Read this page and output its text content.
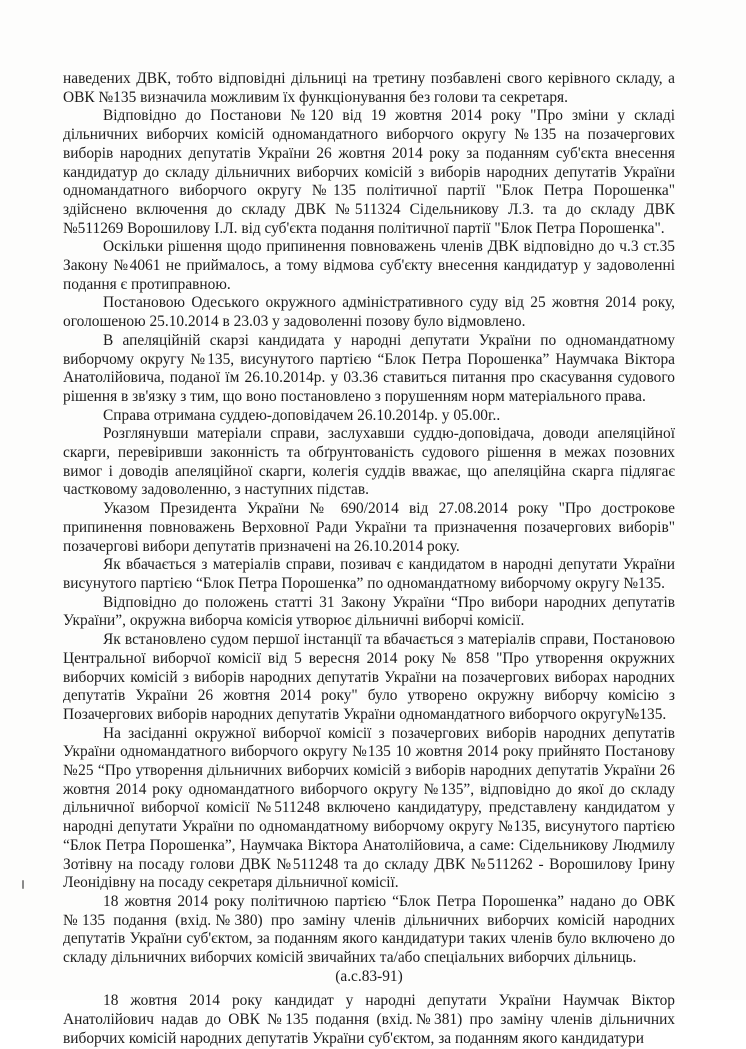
наведених ДВК, тобто відповідні дільниці на третину позбавлені свого керівного складу, а ОВК №135 визначила можливим їх функціонування без голови та секретаря.

Відповідно до Постанови №120 від 19 жовтня 2014 року "Про зміни у складі дільничних виборчих комісій одномандатного виборчого округу №135 на позачергових виборів народних депутатів України 26 жовтня 2014 року за поданням суб'єкта внесення кандидатур до складу дільничних виборчих комісій з виборів народних депутатів України одномандатного виборчого округу №135 політичної партії "Блок Петра Порошенка" здійснено включення до складу ДВК №511324 Сідельникову Л.З. та до складу ДВК №511269 Ворошилову І.Л. від суб'єкта подання політичної партії "Блок Петра Порошенка".

Оскільки рішення щодо припинення повноважень членів ДВК відповідно до ч.3 ст.35 Закону №4061 не приймалось, а тому відмова суб'єкту внесення кандидатур у задоволенні подання є протиправною.

Постановою Одеського окружного адміністративного суду від 25 жовтня 2014 року, оголошеною 25.10.2014 в 23.03 у задоволенні позову було відмовлено.

В апеляційній скарзі кандидата у народні депутати України по одномандатному виборчому округу №135, висунутого партією “Блок Петра Порошенка” Наумчака Віктора Анатолійовича, поданої їм 26.10.2014р. у 03.36 ставиться питання про скасування судового рішення в зв'язку з тим, що воно постановлено з порушенням норм матеріального права.

Справа отримана суддею-доповідачем 26.10.2014р. у 05.00г..

Розглянувши матеріали справи, заслухавши суддю-доповідача, доводи апеляційної скарги, перевіривши законність та обґрунтованість судового рішення в межах позовних вимог і доводів апеляційної скарги, колегія суддів вважає, що апеляційна скарга підлягає частковому задоволенню, з наступних підстав.

Указом Президента України № 690/2014 від 27.08.2014 року "Про дострокове припинення повноважень Верховної Ради України та призначення позачергових виборів" позачергові вибори депутатів призначені на 26.10.2014 року.

Як вбачається з матеріалів справи, позивач є кандидатом в народні депутати України висунутого партією “Блок Петра Порошенка” по одномандатному виборчому округу №135.

Відповідно до положень статті 31 Закону України “Про вибори народних депутатів України”, окружна виборча комісія утворює дільничні виборчі комісії.

Як встановлено судом першої інстанції та вбачається з матеріалів справи, Постановою Центральної виборчої комісії від 5 вересня 2014 року № 858 "Про утворення окружних виборчих комісій з виборів народних депутатів України на позачергових виборах народних депутатів України 26 жовтня 2014 року" було утворено окружну виборчу комісію з Позачергових виборів народних депутатів України одномандатного виборчого округу№135.

На засіданні окружної виборчої комісії з позачергових виборів народних депутатів України одномандатного виборчого округу №135 10 жовтня 2014 року прийнято Постанову №25 “Про утворення дільничних виборчих комісій з виборів народних депутатів України 26 жовтня 2014 року одномандатного виборчого округу №135”, відповідно до якої до складу дільничної виборчої комісії №511248 включено кандидатуру, представлену кандидатом у народні депутати України по одномандатному виборчому округу №135, висунутого партією “Блок Петра Порошенка”, Наумчака Віктора Анатолійовича, а саме: Сідельникову Людмилу Зотівну на посаду голови ДВК №511248 та до складу ДВК №511262 - Ворошилову Ірину Леонідівну на посаду секретаря дільничної комісії.

18 жовтня 2014 року політичною партією “Блок Петра Порошенка” надано до ОВК №135 подання (вхід.№380) про заміну членів дільничних виборчих комісій народних депутатів України суб'єктом, за поданням якого кандидатури таких членів було включено до складу дільничних виборчих комісій звичайних та/або спеціальних виборчих дільниць.

(а.с.83-91)

18 жовтня 2014 року кандидат у народні депутати України Наумчак Віктор Анатолійович надав до ОВК №135 подання (вхід.№381) про заміну членів дільничних виборчих комісій народних депутатів України суб'єктом, за поданням якого кандидатури
